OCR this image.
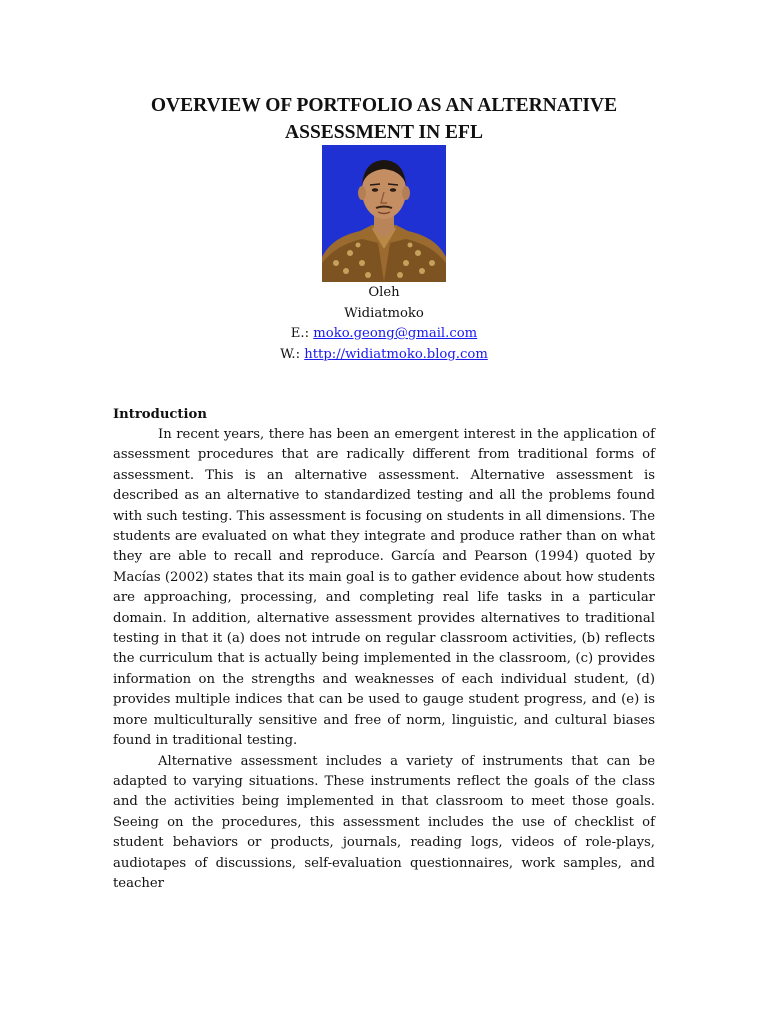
OVERVIEW OF PORTFOLIO AS AN ALTERNATIVE ASSESSMENT IN EFL
Oleh
Widiatmoko
E.: moko.geong@gmail.com
W.: http://widiatmoko.blog.com
Introduction

In recent years, there has been an emergent interest in the application of assessment procedures that are radically different from traditional forms of assessment. This is an alternative assessment. Alternative assessment is described as an alternative to standardized testing and all the problems found with such testing. This assessment is focusing on students in all dimensions. The students are evaluated on what they integrate and produce rather than on what they are able to recall and reproduce. García and Pearson (1994) quoted by Macías (2002) states that its main goal is to gather evidence about how students are approaching, processing, and completing real life tasks in a particular domain. In addition, alternative assessment provides alternatives to traditional testing in that it (a) does not intrude on regular classroom activities, (b) reflects the curriculum that is actually being implemented in the classroom, (c) provides information on the strengths and weaknesses of each individual student, (d) provides multiple indices that can be used to gauge student progress, and (e) is more multiculturally sensitive and free of norm, linguistic, and cultural biases found in traditional testing.

Alternative assessment includes a variety of instruments that can be adapted to varying situations. These instruments reflect the goals of the class and the activities being implemented in that classroom to meet those goals. Seeing on the procedures, this assessment includes the use of checklist of student behaviors or products, journals, reading logs, videos of role-plays, audiotapes of discussions, self-evaluation questionnaires, work samples, and teacher
